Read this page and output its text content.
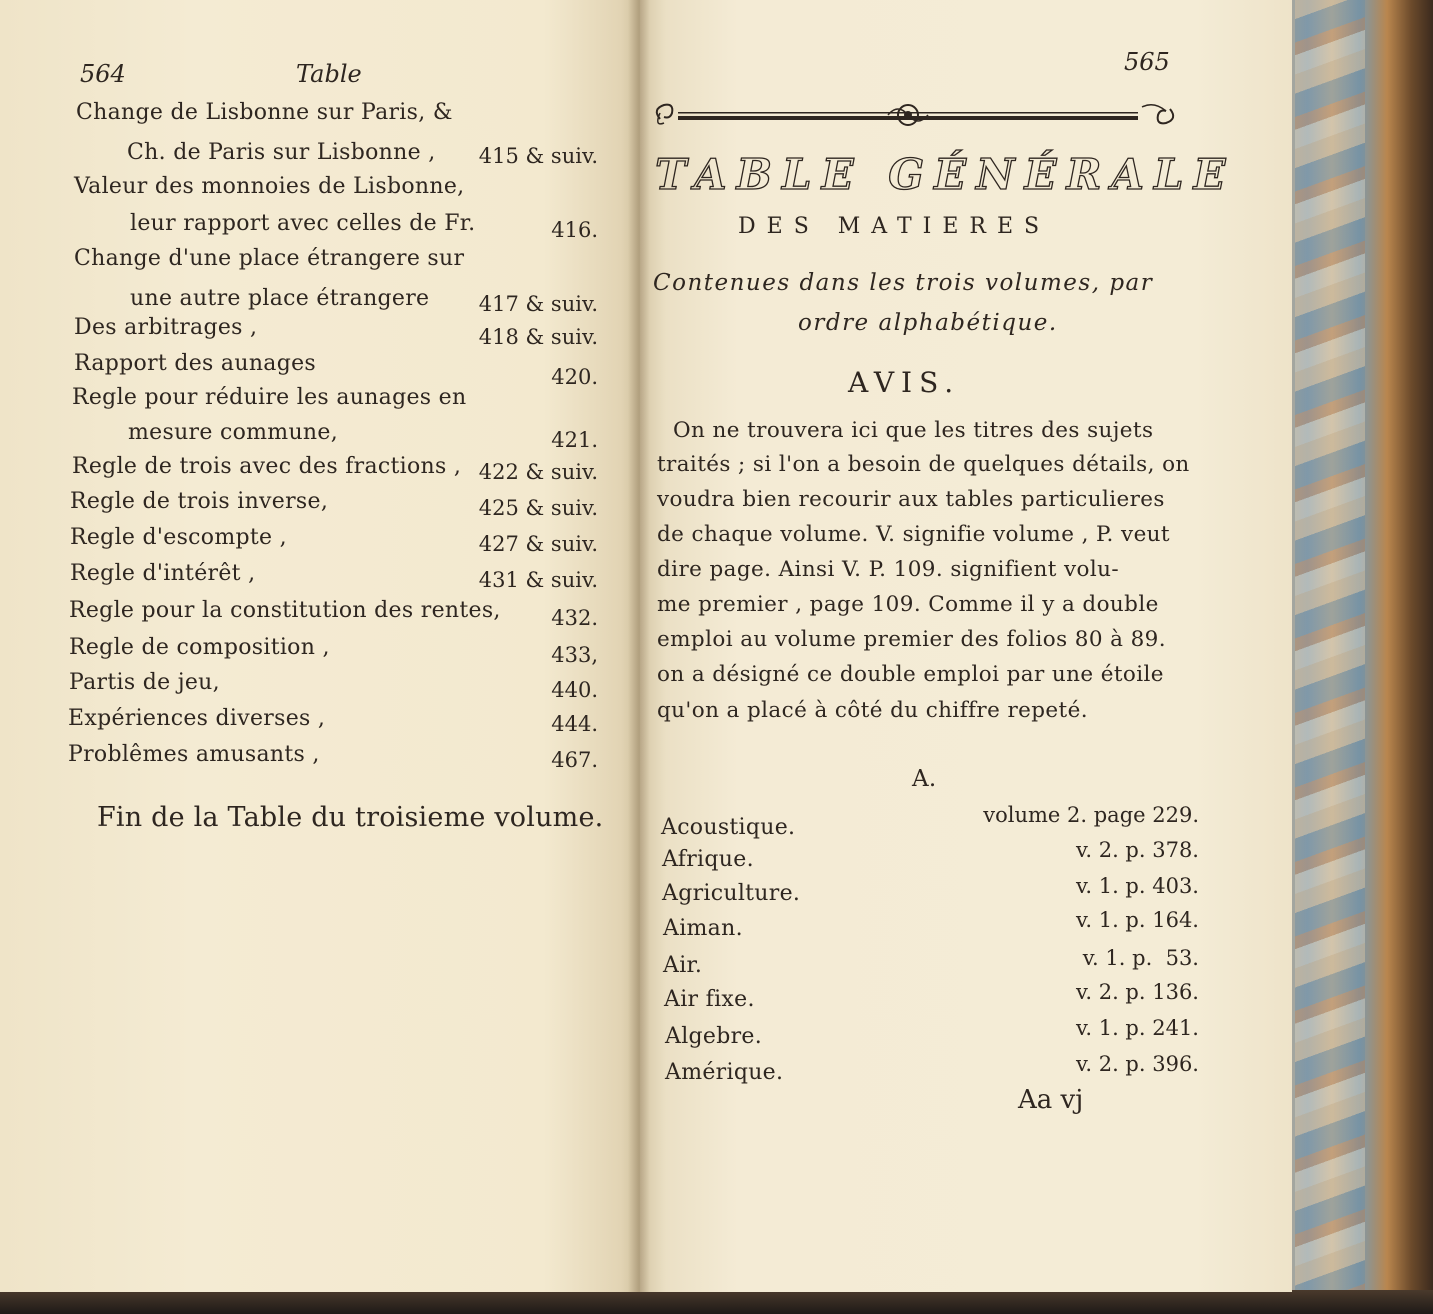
564	Table
Change de Lisbonne sur Paris, &
Ch. de Paris sur Lisbonne , 415 & suiv.
Valeur des monnoies de Lisbonne,
leur rapport avec celles de Fr.	416.
Change d'une place étrangere sur
une autre place étrangere 417 & suiv.
Des arbitrages ,	418 & suiv.
Rapport des aunages
420.
Regle pour réduire les aunages en
mesure commune,	421.
Regle de trois avec des fractions , 422 & suiv.
Regle de trois inverse,	425 & suiv.
Regle d'escompte ,	427 & suiv.
Regle d'intérêt ,	431 & suiv.
Regle pour la constitution des rentes, 432.
Regle de composition ,	433,
Partis de jeu,	440.
Expériences diverses ,	444.
Problêmes amusants ,	467.
Fin de la Table du troisieme volume.
565
TABLE GÉNÉRALE
DES MATIERES
Contenues dans les trois volumes, par
ordre alphabétique.
AVIS.
On ne trouvera ici que les titres des sujets
traités ; si l'on a besoin de quelques détails, on
voudra bien recourir aux tables particulieres
de chaque volume. V. signifie volume , P. veut
dire page. Ainsi V. P. 109. signifient volu-
me premier , page 109. Comme il y a double
emploi au volume premier des folios 80 à 89.
on a désigné ce double emploi par une étoile
qu'on a placé à côté du chiffre repeté.
A.
Acoustique.	volume 2. page 229.
Afrique.	v. 2. p. 378.
Agriculture.	v. 1. p. 403.
Aiman.	v. 1. p. 164.
Air.	v. 1. p.  53.
Air fixe.	v. 2. p. 136.
Algebre.	v. 1. p. 241.
Amérique.	v. 2. p. 396.
Aa vj
